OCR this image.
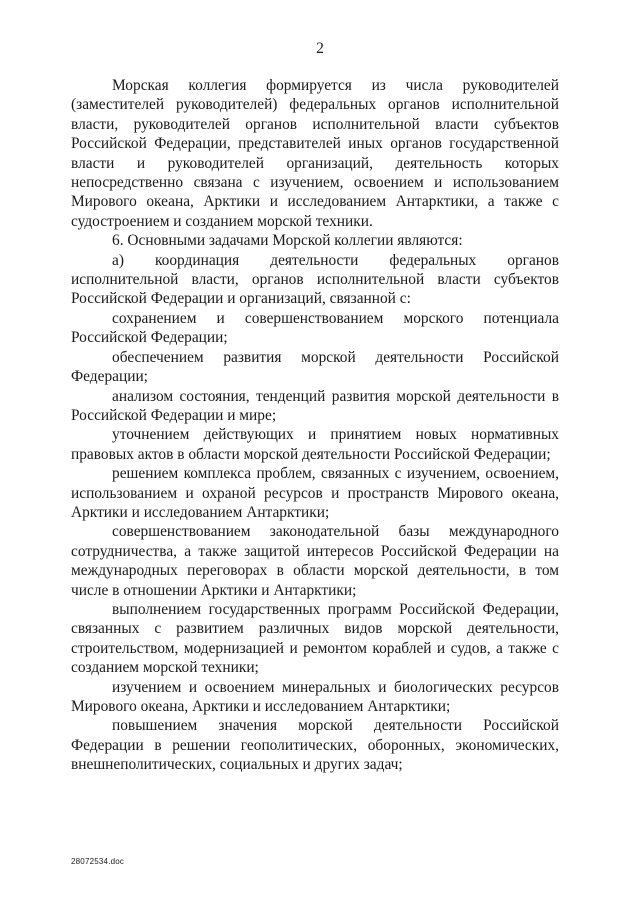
2

Морская коллегия формируется из числа руководителей (заместителей руководителей) федеральных органов исполнительной власти, руководителей органов исполнительной власти субъектов Российской Федерации, представителей иных органов государственной власти и руководителей организаций, деятельность которых непосредственно связана с изучением, освоением и использованием Мирового океана, Арктики и исследованием Антарктики, а также с судостроением и созданием морской техники.

6. Основными задачами Морской коллегии являются:

а) координация деятельности федеральных органов исполнительной власти, органов исполнительной власти субъектов Российской Федерации и организаций, связанной с:

сохранением и совершенствованием морского потенциала Российской Федерации;

обеспечением развития морской деятельности Российской Федерации;

анализом состояния, тенденций развития морской деятельности в Российской Федерации и мире;

уточнением действующих и принятием новых нормативных правовых актов в области морской деятельности Российской Федерации;

решением комплекса проблем, связанных с изучением, освоением, использованием и охраной ресурсов и пространств Мирового океана, Арктики и исследованием Антарктики;

совершенствованием законодательной базы международного сотрудничества, а также защитой интересов Российской Федерации на международных переговорах в области морской деятельности, в том числе в отношении Арктики и Антарктики;

выполнением государственных программ Российской Федерации, связанных с развитием различных видов морской деятельности, строительством, модернизацией и ремонтом кораблей и судов, а также с созданием морской техники;

изучением и освоением минеральных и биологических ресурсов Мирового океана, Арктики и исследованием Антарктики;

повышением значения морской деятельности Российской Федерации в решении геополитических, оборонных, экономических, внешнеполитических, социальных и других задач;

28072534.doc
